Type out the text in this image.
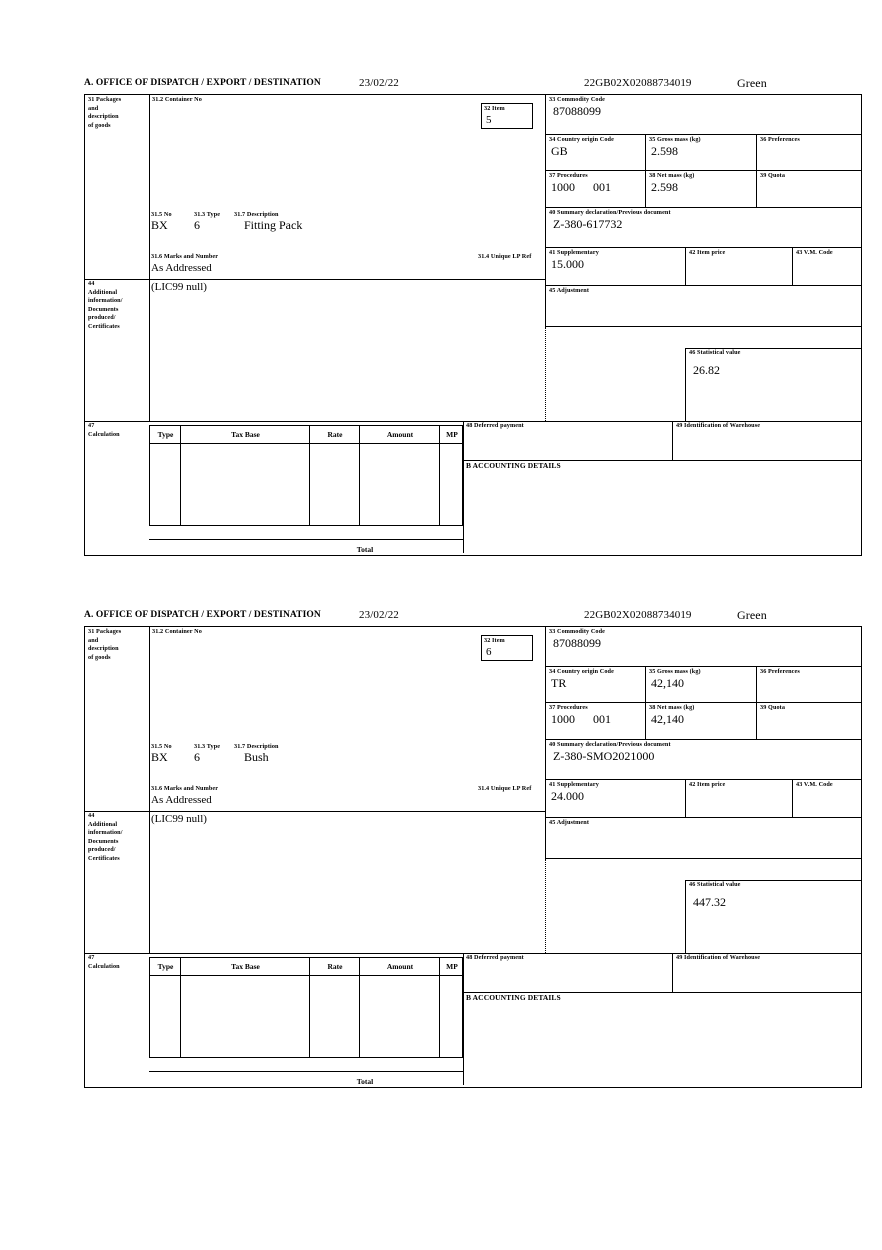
A. OFFICE OF DISPATCH / EXPORT / DESTINATION	23/02/22	22GB02X02088734019	Green
31 Packages
and
description
of goods
31.2 Container No
32 Item
5
31.5 No	31.3 Type 31.7 Description
BX 6	Fitting Pack
31.6 Marks and Number	31.4 Unique LP Ref
As Addressed
44
Additional
information/
Documents
produced/
Certificates
(LIC99 null)
33 Commodity Code
87088099
34 Country origin Code
GB
35 Gross mass (kg)
2.598
36 Preferences
37 Procedures
1000 001
38 Net mass (kg)
2.598
39 Quota
40 Summary declaration/Previous document
Z-380-617732
41 Supplementary
15.000
42 Item price	43 V.M. Code
45 Adjustment
46 Statistical value
26.82
47
Calculation	Type	Tax Base	Rate	Amount	MP
Total
48 Deferred payment	49 Identification of Warehouse
B ACCOUNTING DETAILS
A. OFFICE OF DISPATCH / EXPORT / DESTINATION	23/02/22	22GB02X02088734019	Green
31 Packages
and
description
of goods
31.2 Container No
32 Item
6
31.5 No	31.3 Type 31.7 Description
BX 6	Bush
31.6 Marks and Number	31.4 Unique LP Ref
As Addressed
44
Additional
information/
Documents
produced/
Certificates
(LIC99 null)
33 Commodity Code
87088099
34 Country origin Code
TR
35 Gross mass (kg)
42,140
36 Preferences
37 Procedures
1000 001
38 Net mass (kg)
42,140
39 Quota
40 Summary declaration/Previous document
Z-380-SMO2021000
41 Supplementary
24.000
42 Item price	43 V.M. Code
45 Adjustment
46 Statistical value
447.32
47
Calculation	Type	Tax Base	Rate	Amount	MP
Total
48 Deferred payment	49 Identification of Warehouse
B ACCOUNTING DETAILS
